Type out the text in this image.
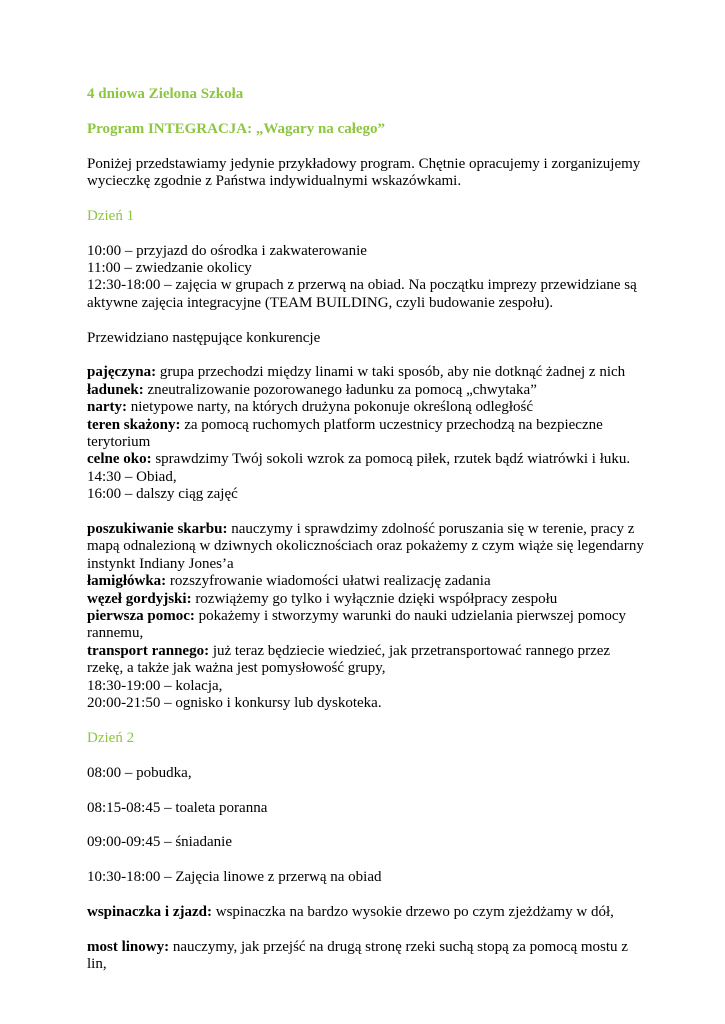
4 dniowa Zielona Szkoła
Program INTEGRACJA: „Wagary na całego”

Poniżej przedstawiamy jedynie przykładowy program. Chętnie opracujemy i zorganizujemy wycieczkę zgodnie z Państwa indywidualnymi wskazówkami.

Dzień 1
10:00 – przyjazd do ośrodka i zakwaterowanie
11:00 – zwiedzanie okolicy
12:30-18:00 – zajęcia w grupach z przerwą na obiad. Na początku imprezy przewidziane są aktywne zajęcia integracyjne (TEAM BUILDING, czyli budowanie zespołu).

Przewidziano następujące konkurencje

pajęczyna: grupa przechodzi między linami w taki sposób, aby nie dotknąć żadnej z nich
ładunek: zneutralizowanie pozorowanego ładunku za pomocą „chwytaka”
narty: nietypowe narty, na których drużyna pokonuje określoną odległość
teren skażony: za pomocą ruchomych platform uczestnicy przechodzą na bezpieczne terytorium
celne oko: sprawdzimy Twój sokoli wzrok za pomocą piłek, rzutek bądź wiatrówki i łuku.
14:30 – Obiad,
16:00 – dalszy ciąg zajęć
poszukiwanie skarbu: nauczymy i sprawdzimy zdolność poruszania się w terenie, pracy z mapą odnalezioną w dziwnych okolicznościach oraz pokażemy z czym wiąże się legendarny instynkt Indiany Jones’a
łamigłówka: rozszyfrowanie wiadomości ułatwi realizację zadania
węzeł gordyjski: rozwiążemy go tylko i wyłącznie dzięki współpracy zespołu
pierwsza pomoc: pokażemy i stworzymy warunki do nauki udzielania pierwszej pomocy rannemu,
transport rannego: już teraz będziecie wiedzieć, jak przetransportować rannego przez rzekę, a także jak ważna jest pomysłowość grupy,
18:30-19:00 – kolacja,
20:00-21:50 – ognisko i konkursy lub dyskoteka.
Dzień 2

08:00 – pobudka,

08:15-08:45 – toaleta poranna

09:00-09:45 – śniadanie

10:30-18:00 – Zajęcia linowe z przerwą na obiad

wspinaczka i zjazd: wspinaczka na bardzo wysokie drzewo po czym zjeżdżamy w dół,

most linowy: nauczymy, jak przejść na drugą stronę rzeki suchą stopą za pomocą mostu z lin,
